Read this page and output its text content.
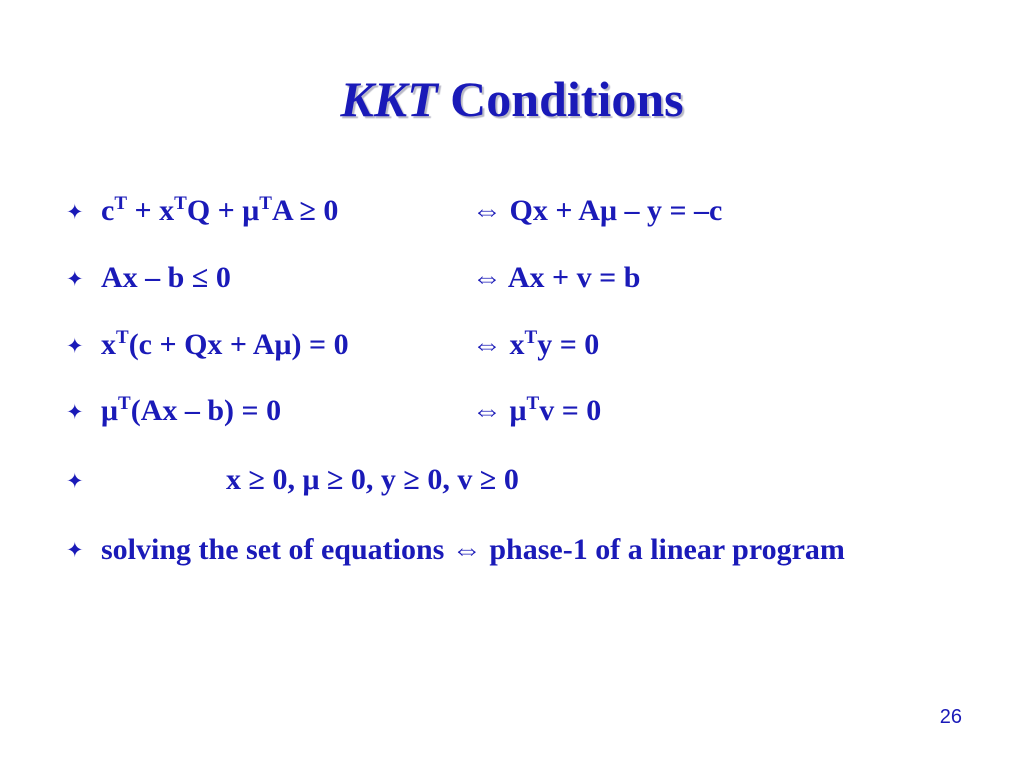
KKT Conditions
✦ $c^T + x^TQ + \mu^TA \ge 0$	⇔ Qx + Aμ – y = –c
✦ Ax – b ≤ 0	⇔ Ax + v = b
✦ $x^T(c + Qx + A\mu) = 0$	⇔ $x^Ty = 0$
✦ $\mu^T(Ax - b) = 0$	⇔ $\mu^Tv = 0$
✦	x ≥ 0, μ ≥ 0, y ≥ 0, v ≥ 0
✦ solving the set of equations ⇔ phase-1 of a linear program
26
